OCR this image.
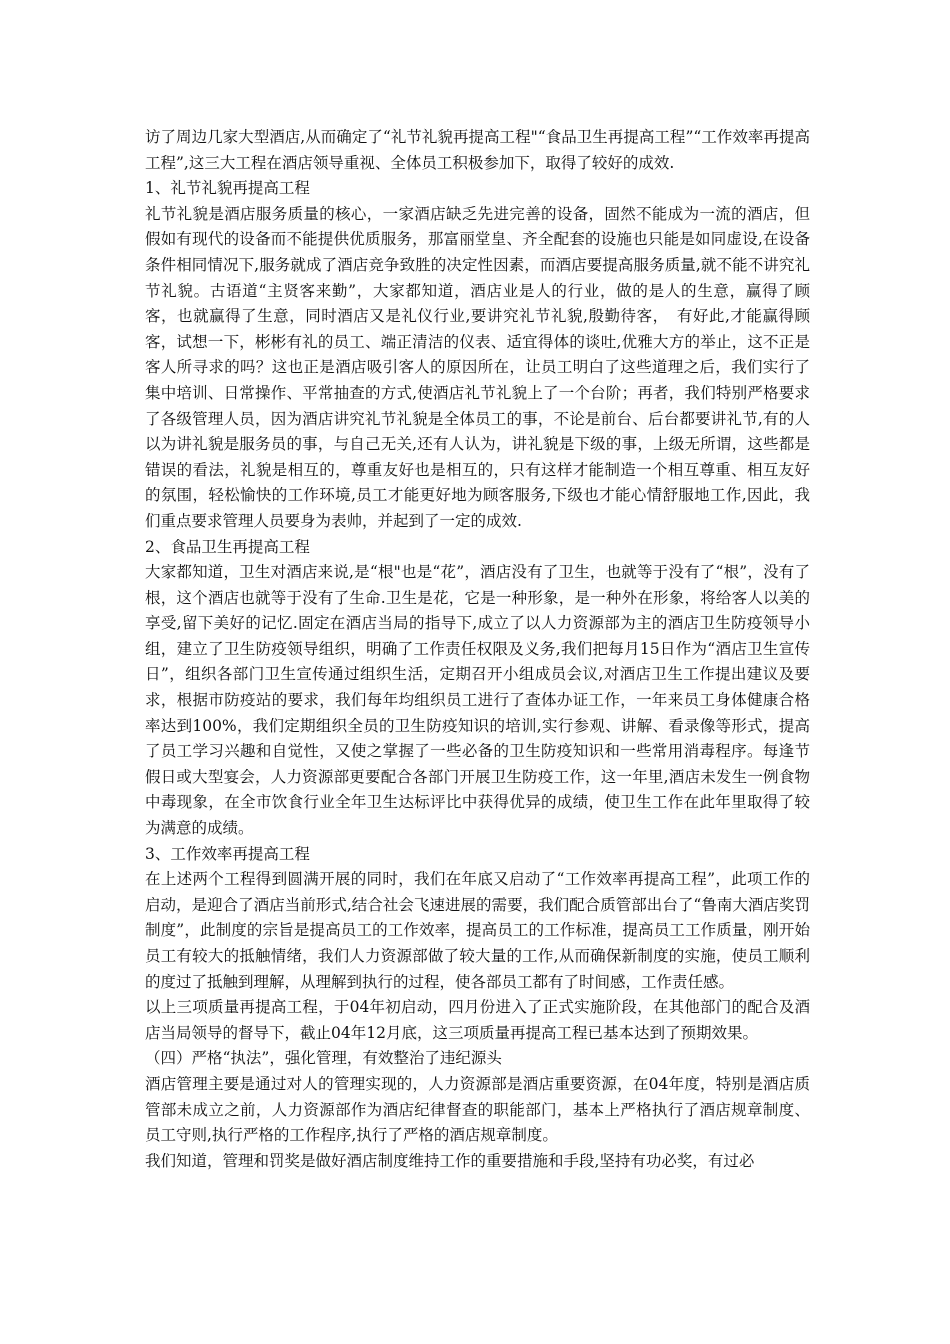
访了周边几家大型酒店,从而确定了“礼节礼貌再提高工程"“食品卫生再提高工程”“工作效率再提高工程”,这三大工程在酒店领导重视、全体员工积极参加下，取得了较好的成效.

1、礼节礼貌再提高工程

礼节礼貌是酒店服务质量的核心，一家酒店缺乏先进完善的设备，固然不能成为一流的酒店，但假如有现代的设备而不能提供优质服务，那富丽堂皇、齐全配套的设施也只能是如同虚设,在设备条件相同情况下,服务就成了酒店竞争致胜的决定性因素，而酒店要提高服务质量,就不能不讲究礼节礼貌。古语道“主贤客来勤”，大家都知道，酒店业是人的行业，做的是人的生意，赢得了顾客，也就赢得了生意，同时酒店又是礼仪行业,要讲究礼节礼貌,殷勤待客，　有好此,才能赢得顾客，试想一下，彬彬有礼的员工、端正清洁的仪表、适宜得体的谈吐,优雅大方的举止，这不正是客人所寻求的吗？这也正是酒店吸引客人的原因所在，让员工明白了这些道理之后，我们实行了集中培训、日常操作、平常抽查的方式,使酒店礼节礼貌上了一个台阶；再者，我们特别严格要求了各级管理人员，因为酒店讲究礼节礼貌是全体员工的事，不论是前台、后台都要讲礼节,有的人以为讲礼貌是服务员的事，与自己无关,还有人认为，讲礼貌是下级的事，上级无所谓，这些都是错误的看法，礼貌是相互的，尊重友好也是相互的，只有这样才能制造一个相互尊重、相互友好的氛围，轻松愉快的工作环境,员工才能更好地为顾客服务,下级也才能心情舒服地工作,因此，我们重点要求管理人员要身为表帅，并起到了一定的成效.

2、食品卫生再提高工程

大家都知道，卫生对酒店来说,是“根"也是“花”，酒店没有了卫生，也就等于没有了“根”，没有了根，这个酒店也就等于没有了生命.卫生是花，它是一种形象，是一种外在形象，将给客人以美的享受,留下美好的记忆.固定在酒店当局的指导下,成立了以人力资源部为主的酒店卫生防疫领导小组，建立了卫生防疫领导组织，明确了工作责任权限及义务,我们把每月15日作为“酒店卫生宣传日”，组织各部门卫生宣传通过组织生活，定期召开小组成员会议,对酒店卫生工作提出建议及要求，根据市防疫站的要求，我们每年均组织员工进行了查体办证工作，一年来员工身体健康合格率达到100%，我们定期组织全员的卫生防疫知识的培训,实行参观、讲解、看录像等形式，提高了员工学习兴趣和自觉性，又使之掌握了一些必备的卫生防疫知识和一些常用消毒程序。每逢节假日或大型宴会，人力资源部更要配合各部门开展卫生防疫工作，这一年里,酒店未发生一例食物中毒现象，在全市饮食行业全年卫生达标评比中获得优异的成绩，使卫生工作在此年里取得了较为满意的成绩。

3、工作效率再提高工程

在上述两个工程得到圆满开展的同时，我们在年底又启动了“工作效率再提高工程”，此项工作的启动，是迎合了酒店当前形式,结合社会飞速进展的需要，我们配合质管部出台了“鲁南大酒店奖罚制度”，此制度的宗旨是提高员工的工作效率，提高员工的工作标准，提高员工工作质量，刚开始员工有较大的抵触情绪，我们人力资源部做了较大量的工作,从而确保新制度的实施，使员工顺利的度过了抵触到理解，从理解到执行的过程，使各部员工都有了时间感，工作责任感。

以上三项质量再提高工程，于04年初启动，四月份进入了正式实施阶段，在其他部门的配合及酒店当局领导的督导下，截止04年12月底，这三项质量再提高工程已基本达到了预期效果。

（四）严格“执法”，强化管理，有效整治了违纪源头

酒店管理主要是通过对人的管理实现的，人力资源部是酒店重要资源，在04年度，特别是酒店质管部未成立之前，人力资源部作为酒店纪律督查的职能部门，基本上严格执行了酒店规章制度、员工守则,执行严格的工作程序,执行了严格的酒店规章制度。

我们知道，管理和罚奖是做好酒店制度维持工作的重要措施和手段,坚持有功必奖，有过必
